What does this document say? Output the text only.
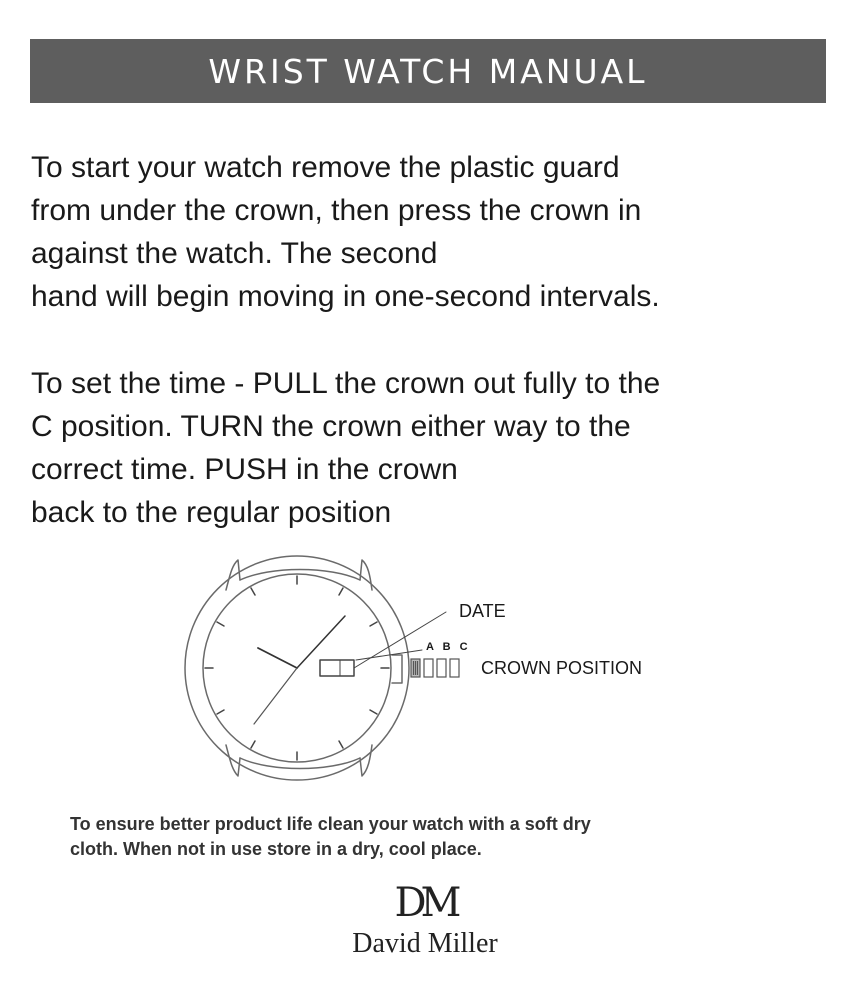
WRIST WATCH MANUAL

To start your watch remove the plastic guard
from under the crown, then press the crown in
against the watch. The second
hand will begin moving in one-second intervals.

To set the time - PULL the crown out fully to the
C position. TURN the crown either way to the
correct time. PUSH in the crown
back to the regular position

DATE
A B C
CROWN POSITION

To ensure better product life clean your watch with a soft dry
cloth. When not in use store in a dry, cool place.

DM
David Miller
